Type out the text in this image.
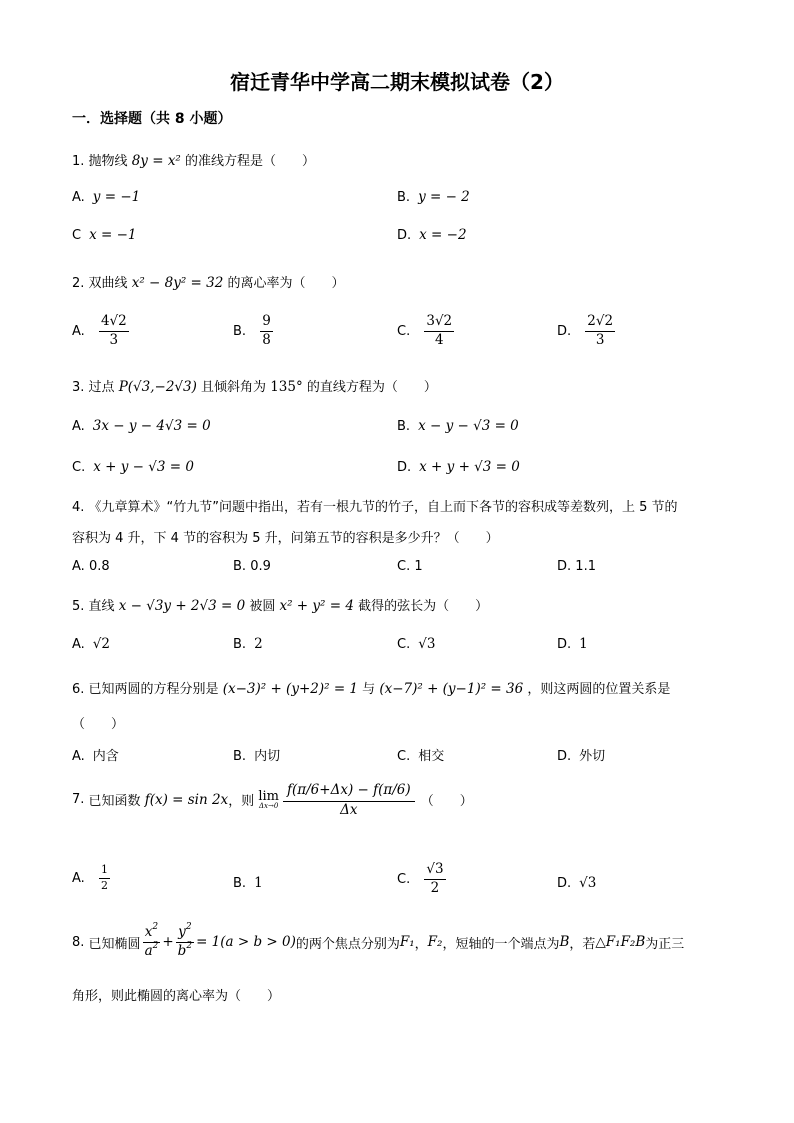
宿迁青华中学高二期末模拟试卷（2）
一．选择题（共 8 小题）
1. 抛物线 8y = x² 的准线方程是（　　）
A. y = −1	B. y = − 2
C x = −1	D. x = −2
2. 双曲线 x² − 8y² = 32 的离心率为（　　）
A. $\frac{4√2}{3}$	B. $\frac{9}{8}$	C. $\frac{3√2}{4}$	D. $\frac{2√2}{3}$
3. 过点 P(√3,−2√3) 且倾斜角为 135° 的直线方程为（　　）
A. 3x − y − 4√3 = 0	B. x − y − √3 = 0
C. x + y − √3 = 0	D. x + y + √3 = 0
4. 《九章算术》“竹九节”问题中指出，若有一根九节的竹子，自上而下各节的容积成等差数列，上 5 节的
容积为 4 升，下 4 节的容积为 5 升，问第五节的容积是多少升？（　　）
A. 0.8	B. 0.9	C. 1	D. 1.1
5. 直线 x − √3y + 2√3 = 0 被圆 x² + y² = 4 截得的弦长为（　　）
A. √2	B. 2	C. √3	D. 1
6. 已知两圆的方程分别是 (x−3)² + (y+2)² = 1 与 (x−7)² + (y−1)² = 36 ，则这两圆的位置关系是
（　　）
A. 内含	B. 内切	C. 相交	D. 外切
7.
已知函数
f(x) = sin 2x ，则
lim
$\Delta x\to 0 \frac{f(\pi/6+\Delta x) - f(\pi/6)}{\Delta x}$
（　　）
A. $\frac{1}{2}$	B. 1	C. $\frac{√3}{2}$	D. √3
8.
已知椭圆 $\frac{x^2}{a^2} + \frac{y^2}{b^2} = 1(a > b > 0)$ 的两个焦点分别为 F₁ ， F₂ ，短轴的一个端点为 B ，若 △F₁F₂B 为正三
角形，则此椭圆的离心率为（　　）
